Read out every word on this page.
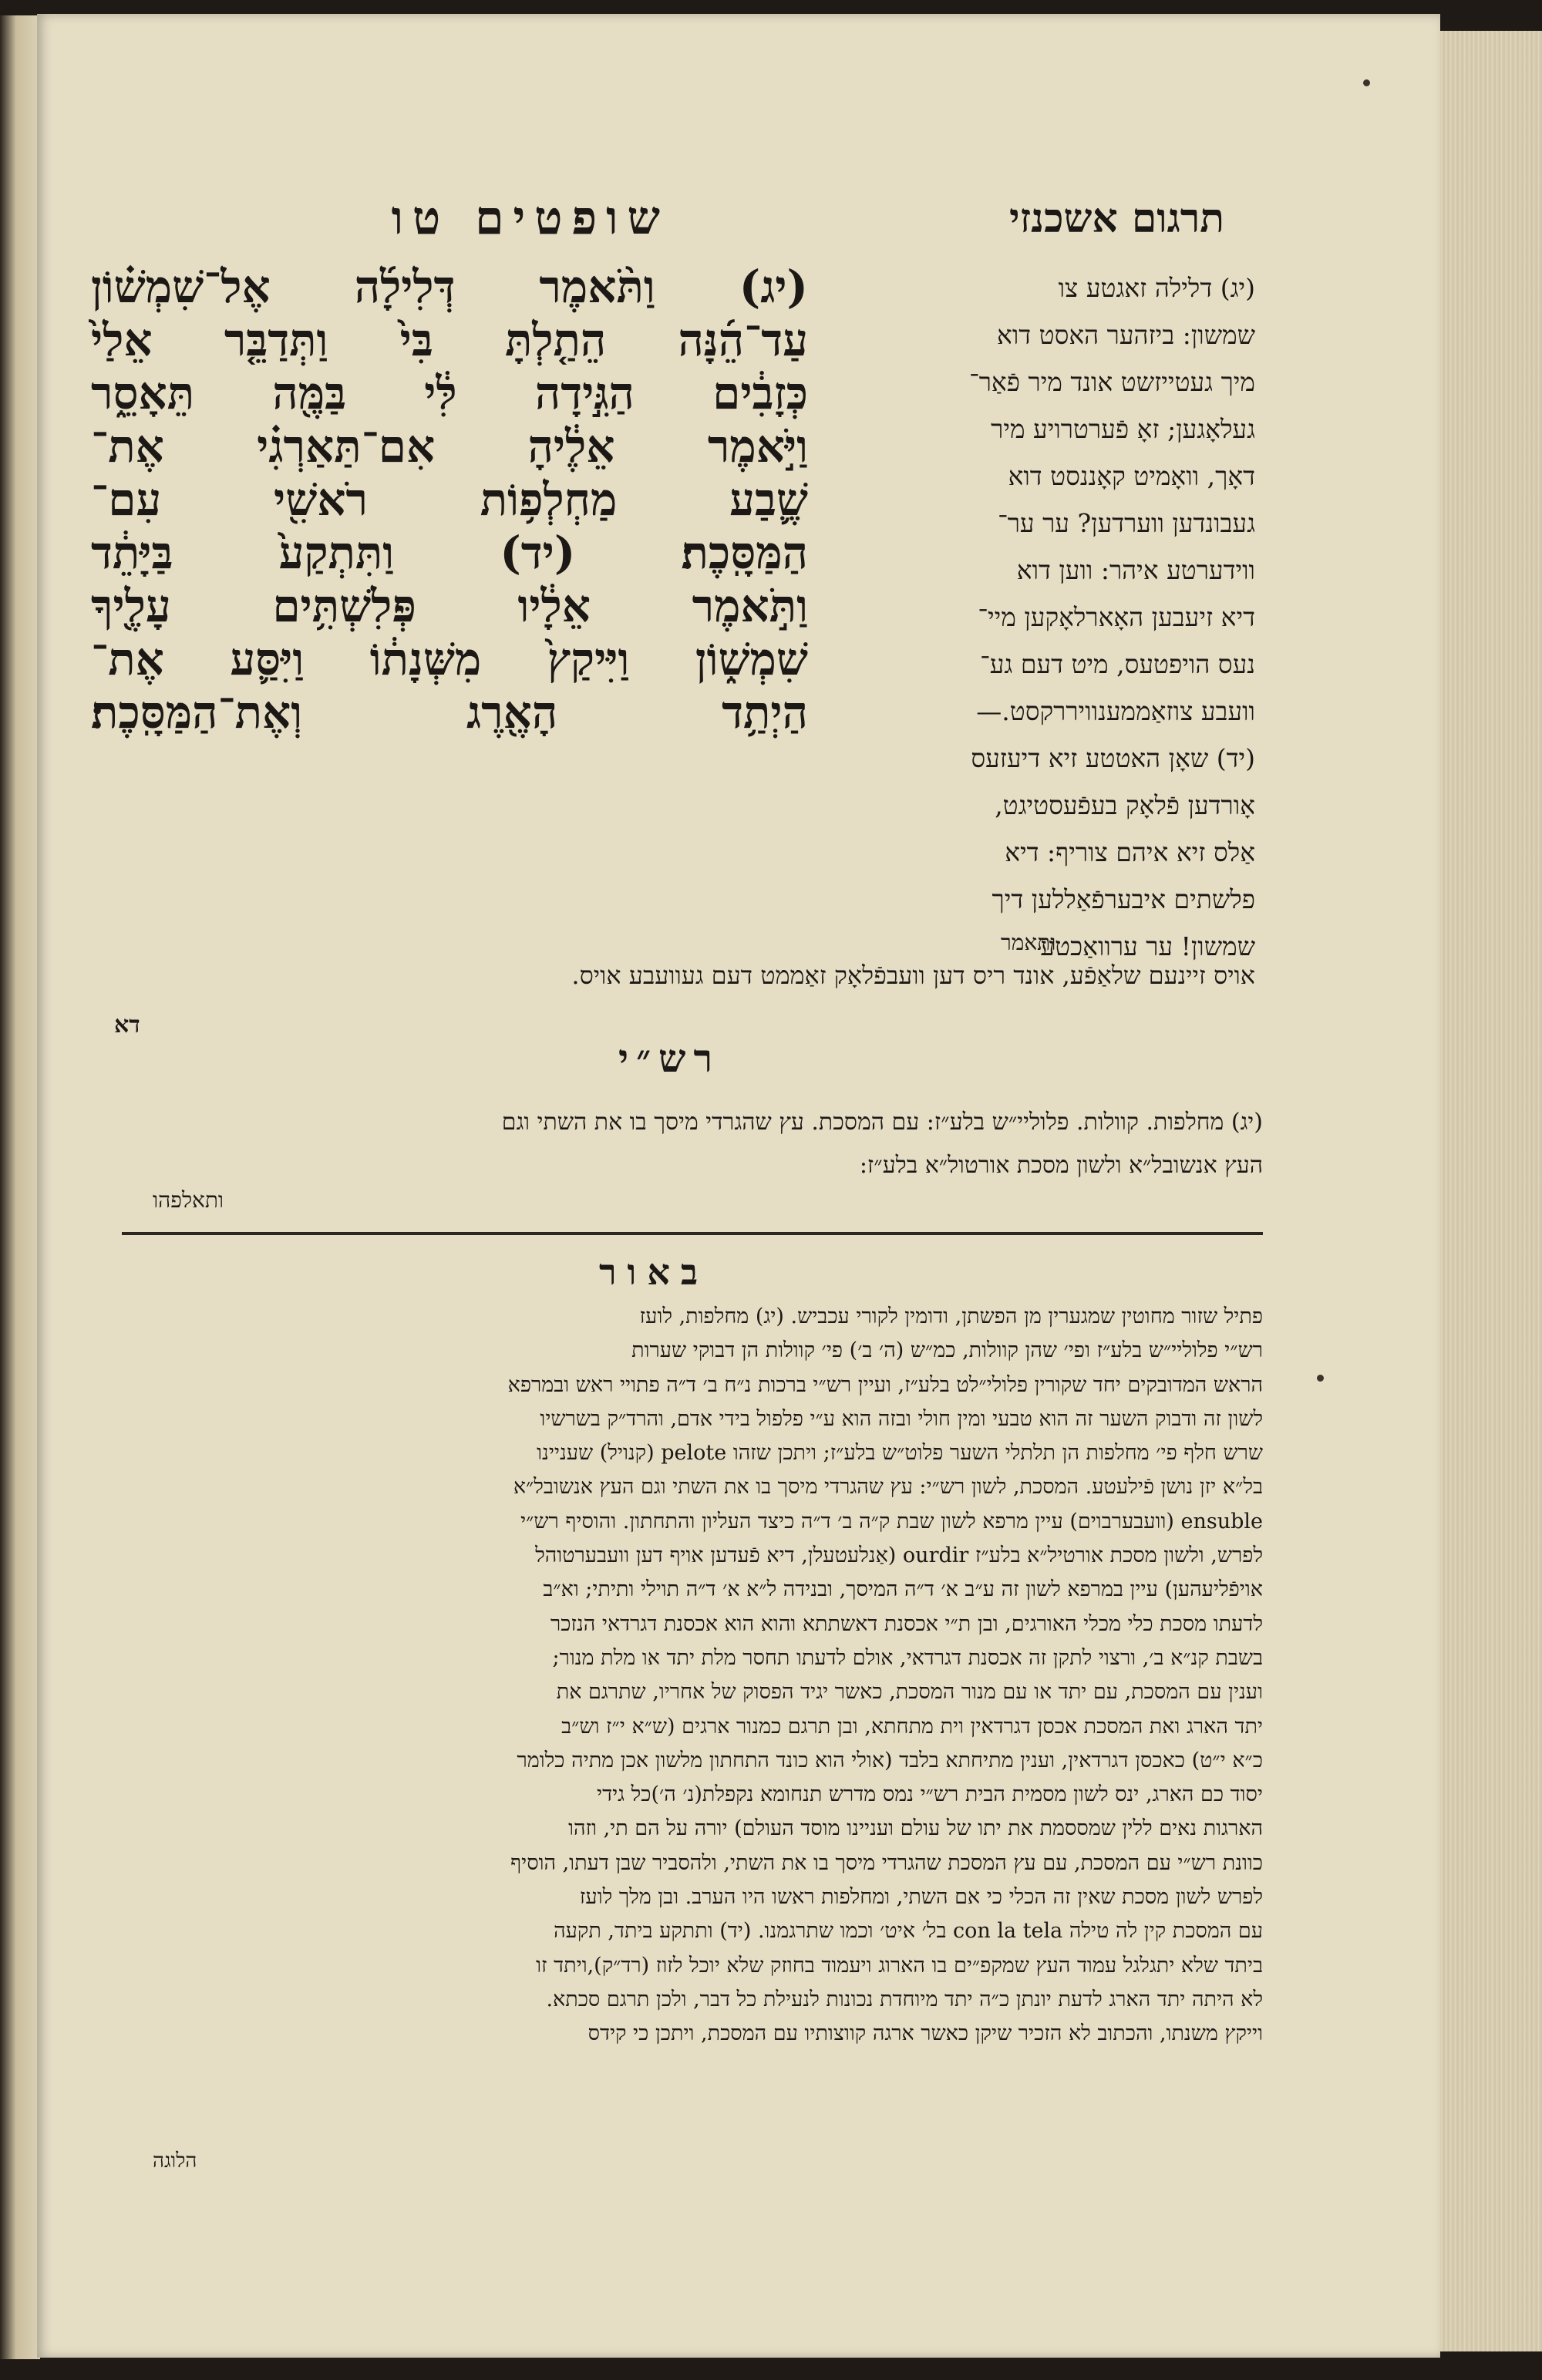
תרגום אשכנזי
שופטים טו

(יג) דלילה זאגטע צו

שמשון: ביזהער האסט דוא

מיך געטייזשט אונד מיר פֿאַר־

געלאָגען; זאָ פֿערטרויע מיר

דאָך, וואָמיט קאָננסט דוא

געבונדען ווערדען? ער ער־

ווידערטע איהר: ווען דוא

דיא זיעבען האָארלאָקען מיי־

נעס הויפטעס, מיט דעם גע־

וועבע צוזאַממענוויררקסט.—

(יד) שאָן האטטע זיא דיעזעס

אָורדען פֿלאָק בעפֿעסטיגט,

אַלס זיא איהם צוריף: דיא

פלשתים איבערפֿאַללען דיך

שמשון! ער ערוואַכטע

(יג) וַתֹּ֨אמֶר דְּלִילָ֜ה אֶל־שִׁמְשׁ֗וֹן

עַד־הֵ֜נָּה הֵתַ֤לְתָּ בִּי֙ וַתְּדַבֵּ֤ר אֵלַי֙

כְּזָבִ֔ים הַגִּ֣ידָה לִּ֔י בַּמֶּ֖ה תֵּאָסֵ֑ר

וַיֹּ֣אמֶר אֵלֶ֔יהָ אִם־תַּאַרְגִ֗י אֶת־

שֶׁ֛בַע מַחְלְפ֥וֹת רֹאשִׁ֖י עִם־

הַמַּסָּֽכֶת׃ (יד) וַתִּתְקַע֙ בַּיָּתֵ֔ד

וַתֹּ֣אמֶר אֵלָ֔יו פְּלִשְׁתִּ֥ים עָלֶ֖יךָ

שִׁמְשׁ֑וֹן וַיִּיקַץ֙ מִשְּׁנָת֔וֹ וַיִּסַּ֛ע אֶת־

הַיְתַ֥ד הָאֶ֖רֶג וְאֶת־הַמַּסָּֽכֶת׃

ותאמר
אויס זיינעם שלאַפֿע, אונד ריס דען וועבפֿלאָק זאַממט דעם געוועבע אויס.
דא
רש״י

(יג) מחלפות. קוולות. פלוליי״ש בלע״ז: עם המסכת. עץ שהגרדי מיסך בו את השתי וגם

העץ אנשובל״א ולשון מסכת אורטול״א בלע״ז:

ותאלפהו
באור

פתיל שזור מחוטין שמגערין מן הפשתן, ודומין לקורי עכביש. (יג) מחלפות, לועז

רש״י פלוליי״ש בלע״ז ופי׳ שהן קוולות, כמ״ש (ה׳ ב׳) פי׳ קוולות הן דבוקי שערות

הראש המדובקים יחד שקורין פלולי״לט בלע״ז, ועיין רש״י ברכות נ״ח ב׳ ד״ה פתויי ראש ובמרפא

לשון זה ודבוק השער זה הוא טבעי ומין חולי ובזה הוא ע״י פלפול בידי אדם, והרד״ק בשרשיו

שרש חלף פי׳ מחלפות הן תלתלי השער פלוט״ש בלע״ז; ויתכן שזהו pelote (קנויל) שעניינו

בל״א יזן נושן פֿילעטע. המסכת, לשון רש״י: עץ שהגרדי מיסך בו את השתי וגם העץ אנשובל״א

ensuble (וועבערבוים) עיין מרפא לשון שבת ק״ה ב׳ ד״ה כיצד העליון והתחתון. והוסיף רש״י

לפרש, ולשון מסכת אורטיל״א בלע״ז ourdir (אַנלעטעלן, דיא פֿעדען אויף דען וועבערטוהל

אויפֿליעהען) עיין במרפא לשון זה ע״ב א׳ ד״ה המיסך, ובנידה ל״א א׳ ד״ה תוילי ותיתי; וא״ב

לדעתו מסכת כלי מכלי האורגים, ובן ת״י אכסנת דאשתתא והוא הוא אכסנת דגרדאי הנזכר

בשבת קנ״א ב׳, ורצוי לתקן זה אכסנת דגרדאי, אולם לדעתו תחסר מלת יתד או מלת מנור;

וענין עם המסכת, עם יתד או עם מנור המסכת, כאשר יגיד הפסוק של אחריו, שתרגם את

יתד הארג ואת המסכת אכסן דגרדאין וית מתחתא, ובן תרגם כמנור ארגים (ש״א י״ז וש״ב

כ״א י״ט) כאכסן דגרדאין, וענין מתיחתא בלבד (אולי הוא כונד התחתון מלשון אכן מתיה כלומר

יסוד כם הארג, ינס לשון מסמית הבית רש״י נמס מדרש תנחומא נקפלת(נ׳ ה׳)כל גידי

הארגות נאים ללין שמססמת את יתו של עולם ועניינו מוסד העולם) יורה על הם תי, וזהו

כוונת רש״י עם המסכת, עם עץ המסכת שהגרדי מיסך בו את השתי, ולהסביר שבן דעתו, הוסיף

לפרש לשון מסכת שאין זה הכלי כי אם השתי, ומחלפות ראשו היו הערב. ובן מלך לועז

עם המסכת קין לה טילה con la tela בל׳ איט׳ וכמו שתרגמנו. (יד) ותתקע ביתד, תקעה

ביתד שלא יתגלגל עמוד העץ שמקפ״ים בו הארוג ויעמוד בחוזק שלא יוכל לזוז (רד״ק),ויתד זו

לא היתה יתד הארג לדעת יונתן כ״ה יתד מיוחדת נכונות לנעילת כל דבר, ולכן תרגם סכתא.

וייקץ משנתו, והכתוב לא הזכיר שיקן כאשר ארגה קווצותיו עם המסכת, ויתכן כי קידס

הלוגה
